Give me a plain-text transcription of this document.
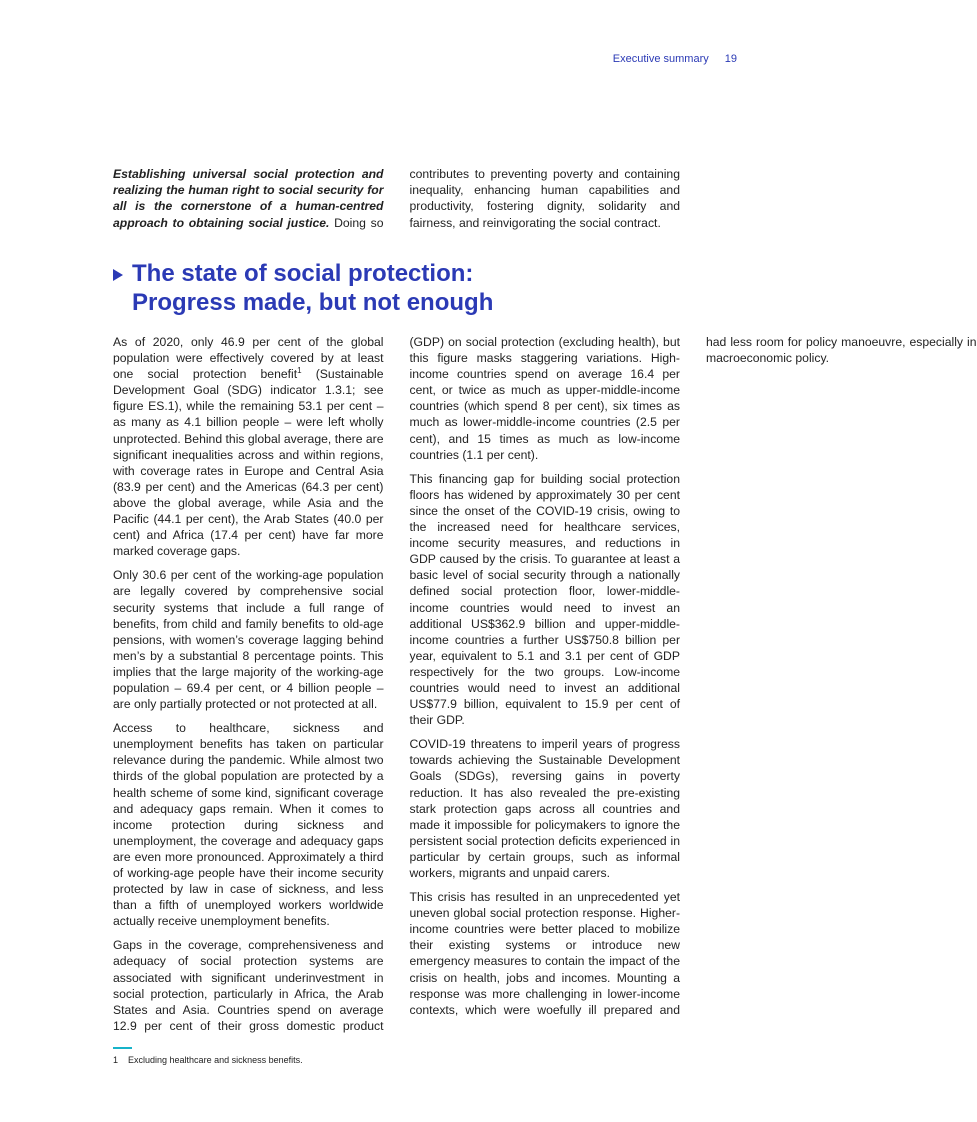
Executive summary 19
Establishing universal social protection and realizing the human right to social security for all is the cornerstone of a human-centred approach to obtaining social justice. Doing so contributes to preventing poverty and containing inequality, enhancing human capabilities and productivity, fostering dignity, solidarity and fairness, and reinvigorating the social contract.
The state of social protection:
Progress made, but not enough

As of 2020, only 46.9 per cent of the global population were effectively covered by at least one social protection benefit$^1$ (Sustainable Development Goal (SDG) indicator 1.3.1; see figure ES.1), while the remaining 53.1 per cent – as many as 4.1 billion people – were left wholly unprotected. Behind this global average, there are significant inequalities across and within regions, with coverage rates in Europe and Central Asia (83.9 per cent) and the Americas (64.3 per cent) above the global average, while Asia and the Pacific (44.1 per cent), the Arab States (40.0 per cent) and Africa (17.4 per cent) have far more marked coverage gaps.

Only 30.6 per cent of the working-age population are legally covered by comprehensive social security systems that include a full range of benefits, from child and family benefits to old-age pensions, with women’s coverage lagging behind men’s by a substantial 8 percentage points. This implies that the large majority of the working-age population – 69.4 per cent, or 4 billion people – are only partially protected or not protected at all.

Access to healthcare, sickness and unemployment benefits has taken on particular relevance during the pandemic. While almost two thirds of the global population are protected by a health scheme of some kind, significant coverage and adequacy gaps remain. When it comes to income protection during sickness and unemployment, the coverage and adequacy gaps are even more pronounced. Approximately a third of working-age people have their income security protected by law in case of sickness, and less than a fifth of unemployed workers worldwide actually receive unemployment benefits.

Gaps in the coverage, comprehensiveness and adequacy of social protection systems are associated with significant underinvestment in social protection, particularly in Africa, the Arab States and Asia. Countries spend on average 12.9 per cent of their gross domestic product (GDP) on social protection (excluding health), but this figure masks staggering variations. High-income countries spend on average 16.4 per cent, or twice as much as upper-middle-income countries (which spend 8 per cent), six times as much as lower-middle-income countries (2.5 per cent), and 15 times as much as low-income countries (1.1 per cent).

This financing gap for building social protection floors has widened by approximately 30 per cent since the onset of the COVID-19 crisis, owing to the increased need for healthcare services, income security measures, and reductions in GDP caused by the crisis. To guarantee at least a basic level of social security through a nationally defined social protection floor, lower-middle-income countries would need to invest an additional US$362.9 billion and upper-middle-income countries a further US$750.8 billion per year, equivalent to 5.1 and 3.1 per cent of GDP respectively for the two groups. Low-income countries would need to invest an additional US$77.9 billion, equivalent to 15.9 per cent of their GDP.

COVID-19 threatens to imperil years of progress towards achieving the Sustainable Development Goals (SDGs), reversing gains in poverty reduction. It has also revealed the pre-existing stark protection gaps across all countries and made it impossible for policymakers to ignore the persistent social protection deficits experienced in particular by certain groups, such as informal workers, migrants and unpaid carers.

This crisis has resulted in an unprecedented yet uneven global social protection response. Higher-income countries were better placed to mobilize their existing systems or introduce new emergency measures to contain the impact of the crisis on health, jobs and incomes. Mounting a response was more challenging in lower-income contexts, which were woefully ill prepared and had less room for policy manoeuvre, especially in macroeconomic policy.

1 Excluding healthcare and sickness benefits.
